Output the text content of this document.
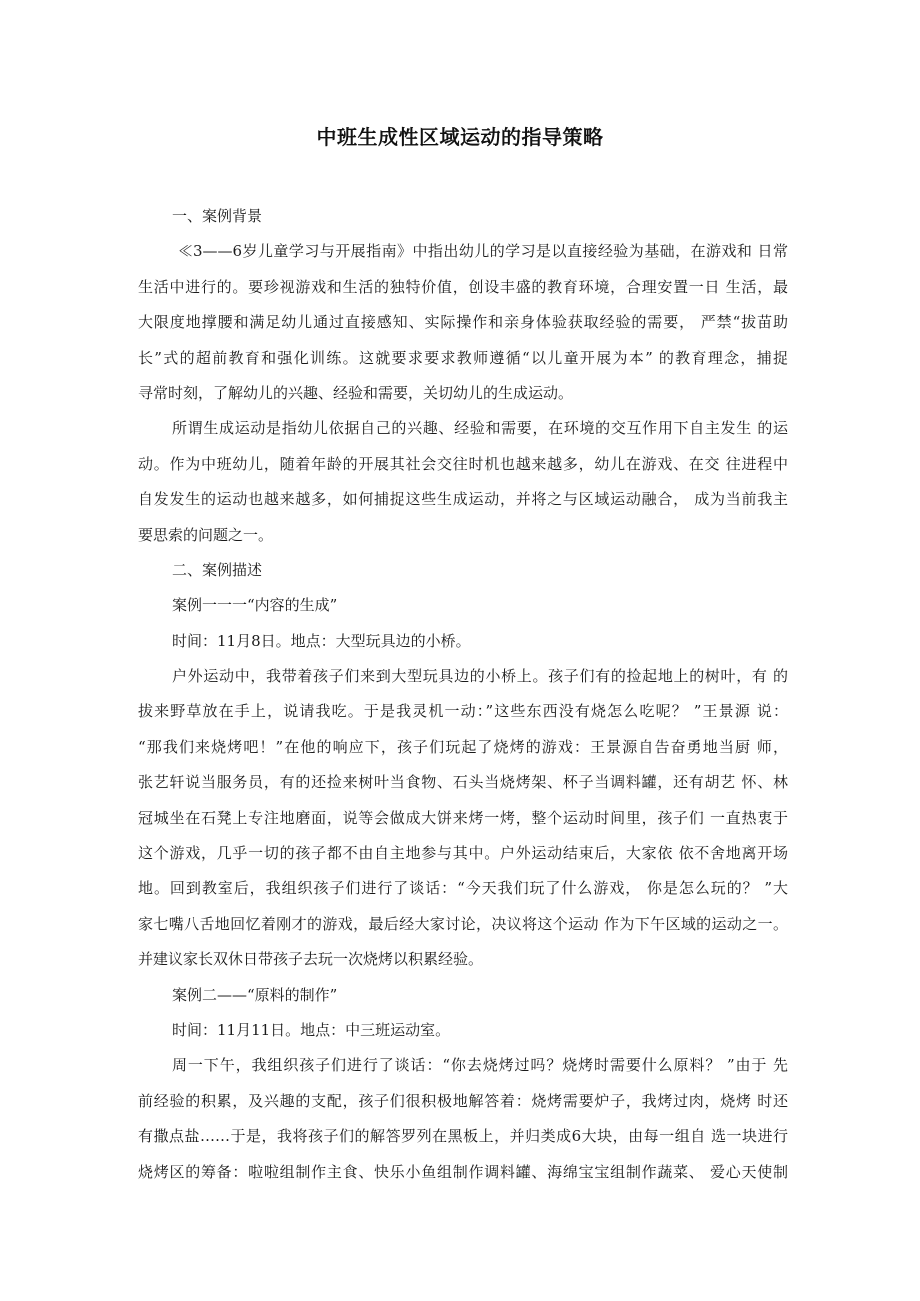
中班生成性区域运动的指导策略
一、案例背景
≪3——6岁儿童学习与开展指南》中指出幼儿的学习是以直接经验为基础，在游戏和 日常
生活中进行的。要珍视游戏和生活的独特价值，创设丰盛的教育环境，合理安置一日 生活，最
大限度地撑腰和满足幼儿通过直接感知、实际操作和亲身体验获取经验的需要， 严禁“拔苗助
长”式的超前教育和强化训练。这就要求要求教师遵循“以儿童开展为本” 的教育理念，捕捉
寻常时刻，了解幼儿的兴趣、经验和需要，关切幼儿的生成运动。
所谓生成运动是指幼儿依据自己的兴趣、经验和需要，在环境的交互作用下自主发生 的运
动。作为中班幼儿，随着年龄的开展其社会交往时机也越来越多，幼儿在游戏、在交 往进程中
自发发生的运动也越来越多，如何捕捉这些生成运动，并将之与区域运动融合， 成为当前我主
要思索的问题之一。
二、案例描述
案例一一一“内容的生成”
时间：11月8日。地点：大型玩具边的小桥。
户外运动中，我带着孩子们来到大型玩具边的小桥上。孩子们有的捡起地上的树叶，有 的
拔来野草放在手上，说请我吃。于是我灵机一动：”这些东西没有烧怎么吃呢？ ”王景源 说：
“那我们来烧烤吧！”在他的响应下，孩子们玩起了烧烤的游戏：王景源自告奋勇地当厨 师，
张艺轩说当服务员，有的还捡来树叶当食物、石头当烧烤架、杯子当调料罐，还有胡艺 怀、林
冠城坐在石凳上专注地磨面，说等会做成大饼来烤一烤，整个运动时间里，孩子们 一直热衷于
这个游戏，几乎一切的孩子都不由自主地参与其中。户外运动结束后，大家依 依不舍地离开场
地。回到教室后，我组织孩子们进行了谈话：“今天我们玩了什么游戏， 你是怎么玩的？ ”大
家七嘴八舌地回忆着刚才的游戏，最后经大家讨论，决议将这个运动 作为下午区域的运动之一。
并建议家长双休日带孩子去玩一次烧烤以积累经验。
案例二——“原料的制作”
时间：11月11日。地点：中三班运动室。
周一下午，我组织孩子们进行了谈话：“你去烧烤过吗？烧烤时需要什么原料？ ”由于 先
前经验的积累，及兴趣的支配，孩子们很积极地解答着：烧烤需要炉子，我烤过肉，烧烤 时还
有撒点盐……于是，我将孩子们的解答罗列在黑板上，并归类成6大块，由每一组自 选一块进行
烧烤区的筹备：啦啦组制作主食、快乐小鱼组制作调料罐、海绵宝宝组制作蔬菜、 爱心天使制
